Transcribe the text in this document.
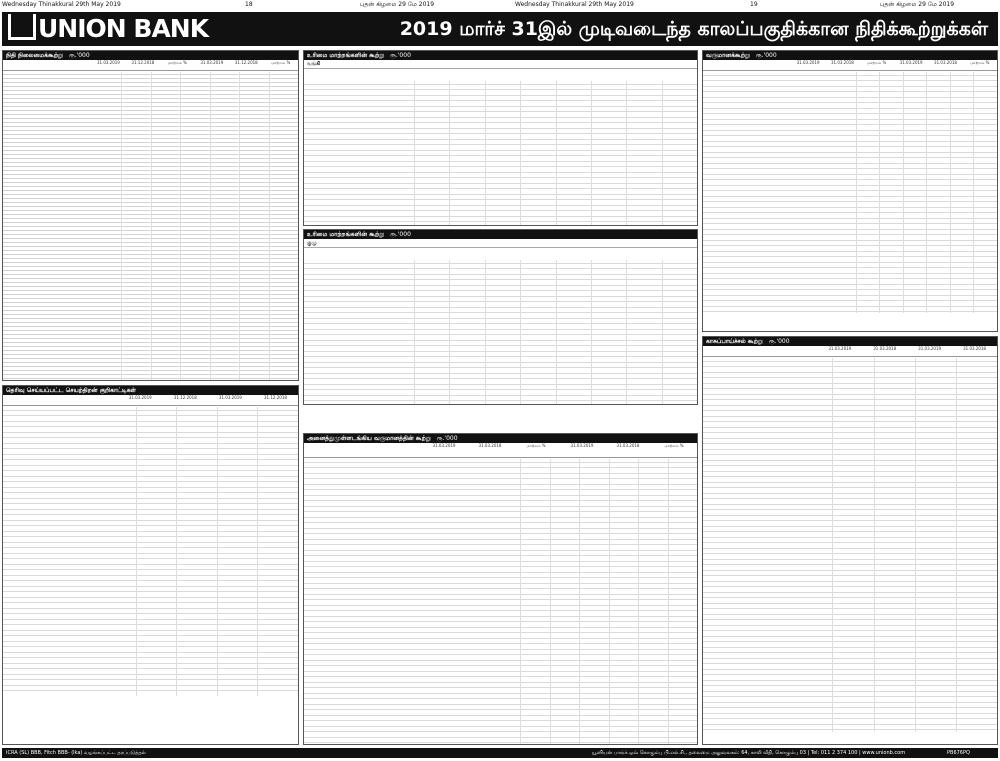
Wednesday Thinakkural 29th May 2019	18	புதன் கிழமை 29 மே 2019	Wednesday Thinakkural 29th May 2019	19	புதன் கிழமை 29 மே 2019
UNION BANK	2019 மார்ச் 31இல் முடிவடைந்த காலப்பகுதிக்கான நிதிக்கூற்றுக்கள்
நிதி நிலைமைக்கூற்று ரூ.'000
31.03.2019	31.12.2018	மாற்றம் %	31.03.2019	31.12.2018	மாற்றம் %
தெரிவு செய்யப்பட்ட செயற்திறன் குறிகாட்டிகள்
31.03.2019	31.12.2018	31.03.2019	31.12.2018
உரிமை மாற்றங்களின் கூற்று ரூ.'000
வங்கி
உரிமை மாற்றங்களின் கூற்று ரூ.'000
குழு
அனைத்துமுள்ளடங்கிய வருமானத்தின் கூற்று ரூ.'000
31.03.2019	31.03.2018	மாற்றம் %	31.03.2019	31.03.2018	மாற்றம் %
வருமானக்கூற்று ரூ.'000
31.03.2019	31.03.2018	மாற்றம் %	31.03.2019	31.03.2018	மாற்றம் %
காசுப்பாய்ச்சல் கூற்று ரூ.'000
31.03.2019	31.03.2018	31.03.2019	31.03.2018
ICRA (SL) BBB, Fitch BBB- (lka) வழங்கப்பட்ட தரப்படுத்தல்	யூனியன் பாங்க் ஒவ் கொழும்பு பி.எல்.சி., தலைமை அலுவலகம்: 64, காலி வீதி, கொழும்பு 03 | Tel: 011 2 374 100 | www.unionb.com	PB676PQ
